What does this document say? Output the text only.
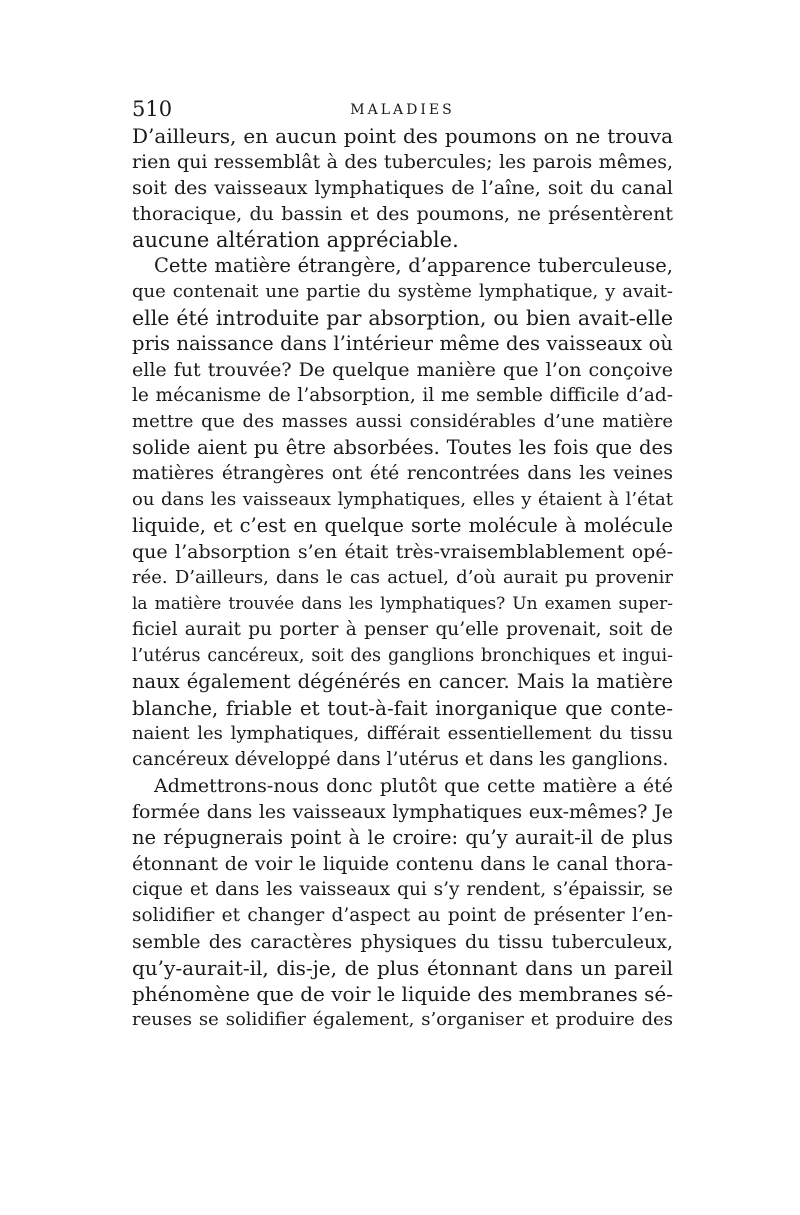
510	MALADIES
D’ailleurs, en aucun point des poumons on ne trouva
rien qui ressemblât à des tubercules; les parois mêmes,
soit des vaisseaux lymphatiques de l’aîne, soit du canal
thoracique, du bassin et des poumons, ne présentèrent
aucune altération appréciable.
Cette matière étrangère, d’apparence tuberculeuse,
que contenait une partie du système lymphatique, y avait-
elle été introduite par absorption, ou bien avait-elle
pris naissance dans l’intérieur même des vaisseaux où
elle fut trouvée? De quelque manière que l’on conçoive
le mécanisme de l’absorption, il me semble difficile d’ad-
mettre que des masses aussi considérables d’une matière
solide aient pu être absorbées. Toutes les fois que des
matières étrangères ont été rencontrées dans les veines
ou dans les vaisseaux lymphatiques, elles y étaient à l’état
liquide, et c’est en quelque sorte molécule à molécule
que l’absorption s’en était très-vraisemblablement opé-
rée. D’ailleurs, dans le cas actuel, d’où aurait pu provenir
la matière trouvée dans les lymphatiques? Un examen super-
ficiel aurait pu porter à penser qu’elle provenait, soit de
l’utérus cancéreux, soit des ganglions bronchiques et ingui-
naux également dégénérés en cancer. Mais la matière
blanche, friable et tout-à-fait inorganique que conte-
naient les lymphatiques, différait essentiellement du tissu
cancéreux développé dans l’utérus et dans les ganglions.
Admettrons-nous donc plutôt que cette matière a été
formée dans les vaisseaux lymphatiques eux-mêmes? Je
ne répugnerais point à le croire: qu’y aurait-il de plus
étonnant de voir le liquide contenu dans le canal thora-
cique et dans les vaisseaux qui s’y rendent, s’épaissir, se
solidifier et changer d’aspect au point de présenter l’en-
semble des caractères physiques du tissu tuberculeux,
qu’y-aurait-il, dis-je, de plus étonnant dans un pareil
phénomène que de voir le liquide des membranes sé-
reuses se solidifier également, s’organiser et produire des
